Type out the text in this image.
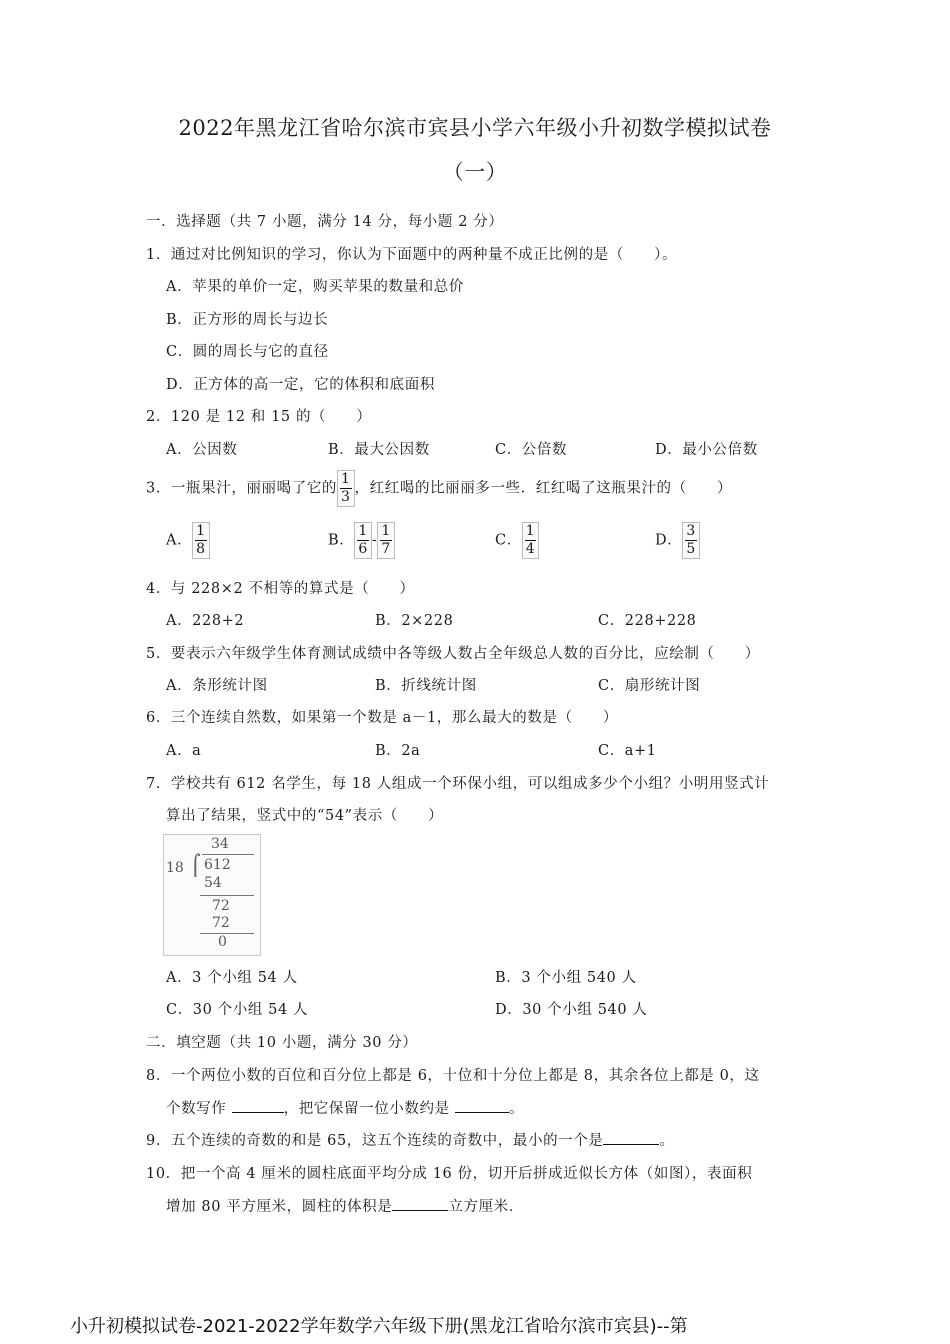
2022年黑龙江省哈尔滨市宾县小学六年级小升初数学模拟试卷
（一）
一．选择题（共 7 小题，满分 14 分，每小题 2 分）
1．通过对比例知识的学习，你认为下面题中的两种量不成正比例的是（　　）。
A．苹果的单价一定，购买苹果的数量和总价
B．正方形的周长与边长
C．圆的周长与它的直径
D．正方体的高一定，它的体积和底面积
2．120 是 12 和 15 的（　　）
A．公因数	B．最大公因数	C．公倍数	D．最小公倍数
3．一瓶果汁，丽丽喝了它的 $\frac{1}{3}$ ，红红喝的比丽丽多一些．红红喝了这瓶果汁的（　　）
A． $\frac{1}{8}$	B． $\frac{1}{6} - \frac{1}{7}$	C． $\frac{1}{4}$	D． $\frac{3}{5}$
4．与 228×2 不相等的算式是（　　）
A．228+2	B．2×228	C．228+228
5．要表示六年级学生体育测试成绩中各等级人数占全年级总人数的百分比，应绘制（　　）
A．条形统计图	B．折线统计图	C．扇形统计图
6．三个连续自然数，如果第一个数是 a－1，那么最大的数是（　　）
A．a	B．2a	C．a+1
7．学校共有 612 名学生，每 18 人组成一个环保小组，可以组成多少个小组？小明用竖式计
算出了结果，竖式中的“54”表示（　　）
34
18 ⌠ 612
54
72
72
0
A．3 个小组 54 人	B．3 个小组 540 人
C．30 个小组 54 人	D．30 个小组 540 人
二．填空题（共 10 小题，满分 30 分）
8．一个两位小数的百位和百分位上都是 6，十位和十分位上都是 8，其余各位上都是 0，这
个数写作	，把它保留一位小数约是	。
9．五个连续的奇数的和是 65，这五个连续的奇数中，最小的一个是	。
10．把一个高 4 厘米的圆柱底面平均分成 16 份，切开后拼成近似长方体（如图），表面积
增加 80 平方厘米，圆柱的体积是	立方厘米．
小升初模拟试卷-2021-2022学年数学六年级下册(黑龙江省哈尔滨市宾县)--第
